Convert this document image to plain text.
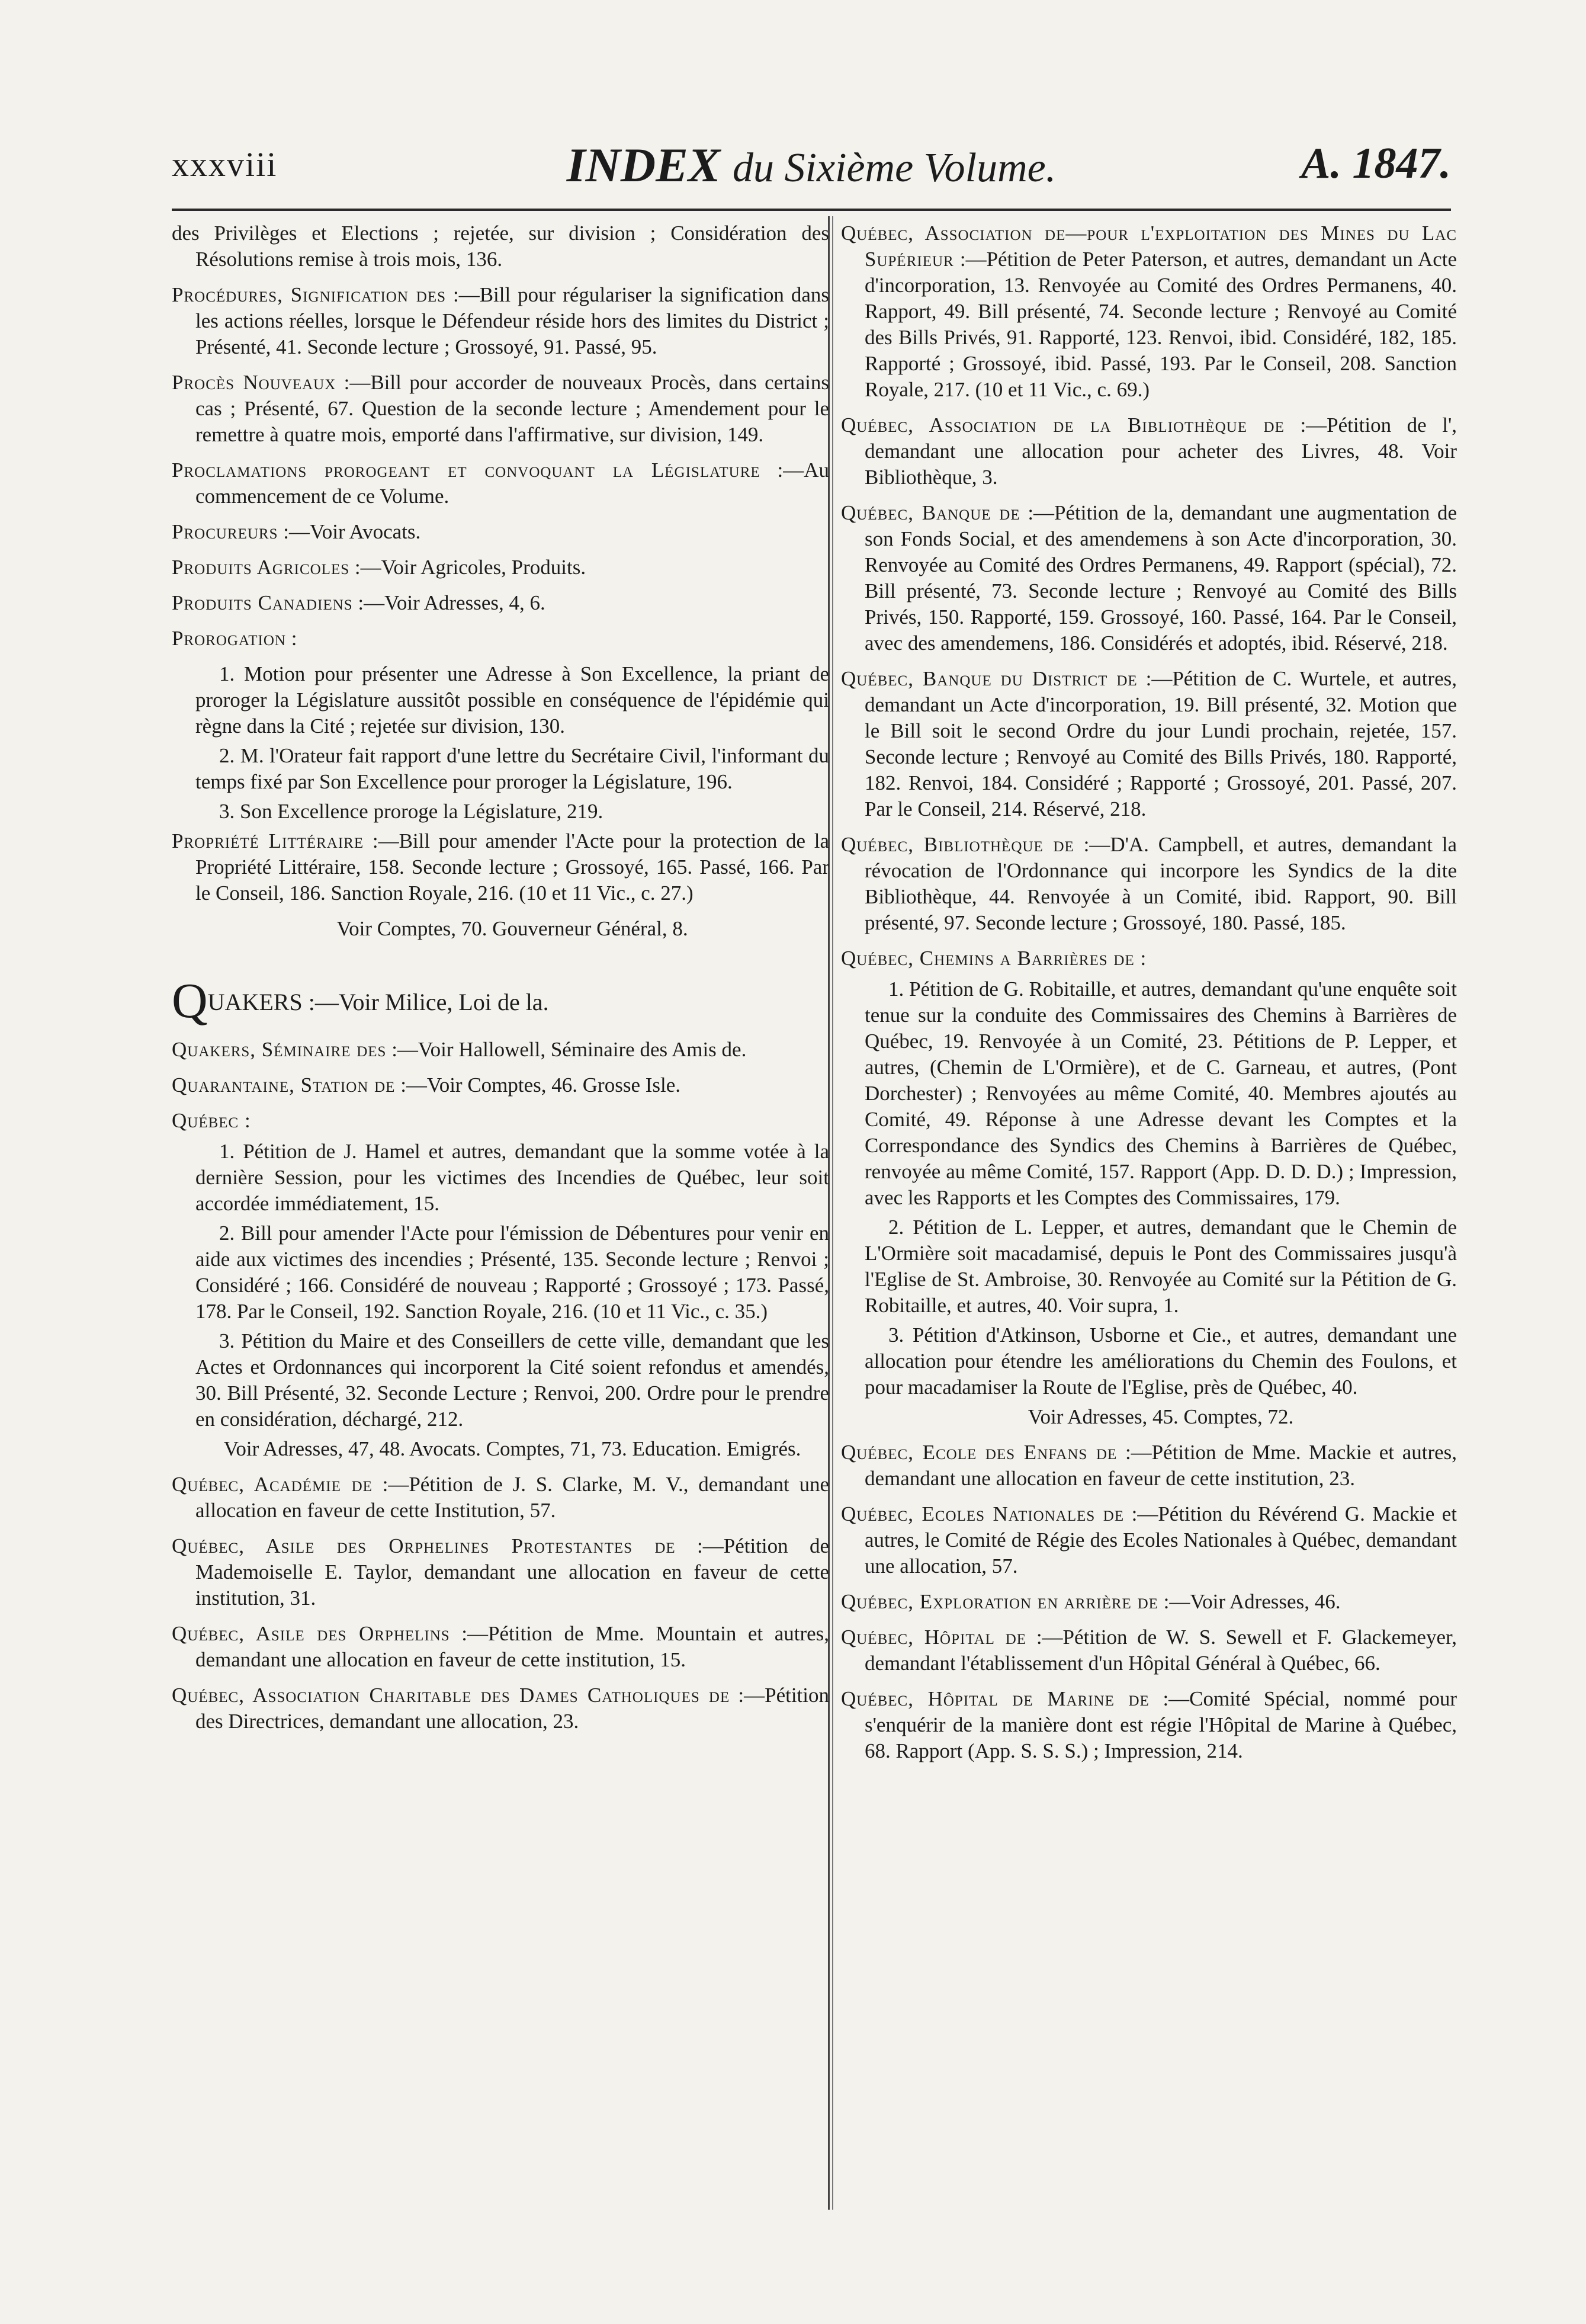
xxxviii	INDEX du Sixième Volume.	A. 1847.
des Privilèges et Elections ; rejetée, sur division ; Considération des Résolutions remise à trois mois, 136.
Procédures, Signification des :—Bill pour régulariser la signification dans les actions réelles, lorsque le Défendeur réside hors des limites du District ; Présenté, 41. Seconde lecture ; Grossoyé, 91. Passé, 95.
Procès Nouveaux :—Bill pour accorder de nouveaux Procès, dans certains cas ; Présenté, 67. Question de la seconde lecture ; Amendement pour le remettre à quatre mois, emporté dans l'affirmative, sur division, 149.
Proclamations prorogeant et convoquant la Législature :—Au commencement de ce Volume.
Procureurs :—Voir Avocats.
Produits Agricoles :—Voir Agricoles, Produits.
Produits Canadiens :—Voir Adresses, 4, 6.
Prorogation :
1. Motion pour présenter une Adresse à Son Excellence, la priant de proroger la Législature aussitôt possible en conséquence de l'épidémie qui règne dans la Cité ; rejetée sur division, 130.
2. M. l'Orateur fait rapport d'une lettre du Secrétaire Civil, l'informant du temps fixé par Son Excellence pour proroger la Législature, 196.
3. Son Excellence proroge la Législature, 219.
Propriété Littéraire :—Bill pour amender l'Acte pour la protection de la Propriété Littéraire, 158. Seconde lecture ; Grossoyé, 165. Passé, 166. Par le Conseil, 186. Sanction Royale, 216. (10 et 11 Vic., c. 27.)
Voir Comptes, 70. Gouverneur Général, 8.
QUAKERS :—Voir Milice, Loi de la.
Quakers, Séminaire des :—Voir Hallowell, Séminaire des Amis de.
Quarantaine, Station de :—Voir Comptes, 46. Grosse Isle.
Québec :
1. Pétition de J. Hamel et autres, demandant que la somme votée à la dernière Session, pour les victimes des Incendies de Québec, leur soit accordée immédiatement, 15.
2. Bill pour amender l'Acte pour l'émission de Débentures pour venir en aide aux victimes des incendies ; Présenté, 135. Seconde lecture ; Renvoi ; Considéré ; 166. Considéré de nouveau ; Rapporté ; Grossoyé ; 173. Passé, 178. Par le Conseil, 192. Sanction Royale, 216. (10 et 11 Vic., c. 35.)
3. Pétition du Maire et des Conseillers de cette ville, demandant que les Actes et Ordonnances qui incorporent la Cité soient refondus et amendés, 30. Bill Présenté, 32. Seconde Lecture ; Renvoi, 200. Ordre pour le prendre en considération, déchargé, 212.
Voir Adresses, 47, 48. Avocats. Comptes, 71, 73. Education. Emigrés.
Québec, Académie de :—Pétition de J. S. Clarke, M. V., demandant une allocation en faveur de cette Institution, 57.
Québec, Asile des Orphelines Protestantes de :—Pétition de Mademoiselle E. Taylor, demandant une allocation en faveur de cette institution, 31.
Québec, Asile des Orphelins :—Pétition de Mme. Mountain et autres, demandant une allocation en faveur de cette institution, 15.
Québec, Association Charitable des Dames Catholiques de :—Pétition des Directrices, demandant une allocation, 23.
Québec, Association de—pour l'exploitation des Mines du Lac Supérieur :—Pétition de Peter Paterson, et autres, demandant un Acte d'incorporation, 13. Renvoyée au Comité des Ordres Permanens, 40. Rapport, 49. Bill présenté, 74. Seconde lecture ; Renvoyé au Comité des Bills Privés, 91. Rapporté, 123. Renvoi, ibid. Considéré, 182, 185. Rapporté ; Grossoyé, ibid. Passé, 193. Par le Conseil, 208. Sanction Royale, 217. (10 et 11 Vic., c. 69.)
Québec, Association de la Bibliothèque de :—Pétition de l', demandant une allocation pour acheter des Livres, 48. Voir Bibliothèque, 3.
Québec, Banque de :—Pétition de la, demandant une augmentation de son Fonds Social, et des amendemens à son Acte d'incorporation, 30. Renvoyée au Comité des Ordres Permanens, 49. Rapport (spécial), 72. Bill présenté, 73. Seconde lecture ; Renvoyé au Comité des Bills Privés, 150. Rapporté, 159. Grossoyé, 160. Passé, 164. Par le Conseil, avec des amendemens, 186. Considérés et adoptés, ibid. Réservé, 218.
Québec, Banque du District de :—Pétition de C. Wurtele, et autres, demandant un Acte d'incorporation, 19. Bill présenté, 32. Motion que le Bill soit le second Ordre du jour Lundi prochain, rejetée, 157. Seconde lecture ; Renvoyé au Comité des Bills Privés, 180. Rapporté, 182. Renvoi, 184. Considéré ; Rapporté ; Grossoyé, 201. Passé, 207. Par le Conseil, 214. Réservé, 218.
Québec, Bibliothèque de :—D'A. Campbell, et autres, demandant la révocation de l'Ordonnance qui incorpore les Syndics de la dite Bibliothèque, 44. Renvoyée à un Comité, ibid. Rapport, 90. Bill présenté, 97. Seconde lecture ; Grossoyé, 180. Passé, 185.
Québec, Chemins a Barrières de :
1. Pétition de G. Robitaille, et autres, demandant qu'une enquête soit tenue sur la conduite des Commissaires des Chemins à Barrières de Québec, 19. Renvoyée à un Comité, 23. Pétitions de P. Lepper, et autres, (Chemin de L'Ormière), et de C. Garneau, et autres, (Pont Dorchester) ; Renvoyées au même Comité, 40. Membres ajoutés au Comité, 49. Réponse à une Adresse devant les Comptes et la Correspondance des Syndics des Chemins à Barrières de Québec, renvoyée au même Comité, 157. Rapport (App. D. D. D.) ; Impression, avec les Rapports et les Comptes des Commissaires, 179.
2. Pétition de L. Lepper, et autres, demandant que le Chemin de L'Ormière soit macadamisé, depuis le Pont des Commissaires jusqu'à l'Eglise de St. Ambroise, 30. Renvoyée au Comité sur la Pétition de G. Robitaille, et autres, 40. Voir supra, 1.
3. Pétition d'Atkinson, Usborne et Cie., et autres, demandant une allocation pour étendre les améliorations du Chemin des Foulons, et pour macadamiser la Route de l'Eglise, près de Québec, 40.
Voir Adresses, 45. Comptes, 72.
Québec, Ecole des Enfans de :—Pétition de Mme. Mackie et autres, demandant une allocation en faveur de cette institution, 23.
Québec, Ecoles Nationales de :—Pétition du Révérend G. Mackie et autres, le Comité de Régie des Ecoles Nationales à Québec, demandant une allocation, 57.
Québec, Exploration en arrière de :—Voir Adresses, 46.
Québec, Hôpital de :—Pétition de W. S. Sewell et F. Glackemeyer, demandant l'établissement d'un Hôpital Général à Québec, 66.
Québec, Hôpital de Marine de :—Comité Spécial, nommé pour s'enquérir de la manière dont est régie l'Hôpital de Marine à Québec, 68. Rapport (App. S. S. S.) ; Impression, 214.
